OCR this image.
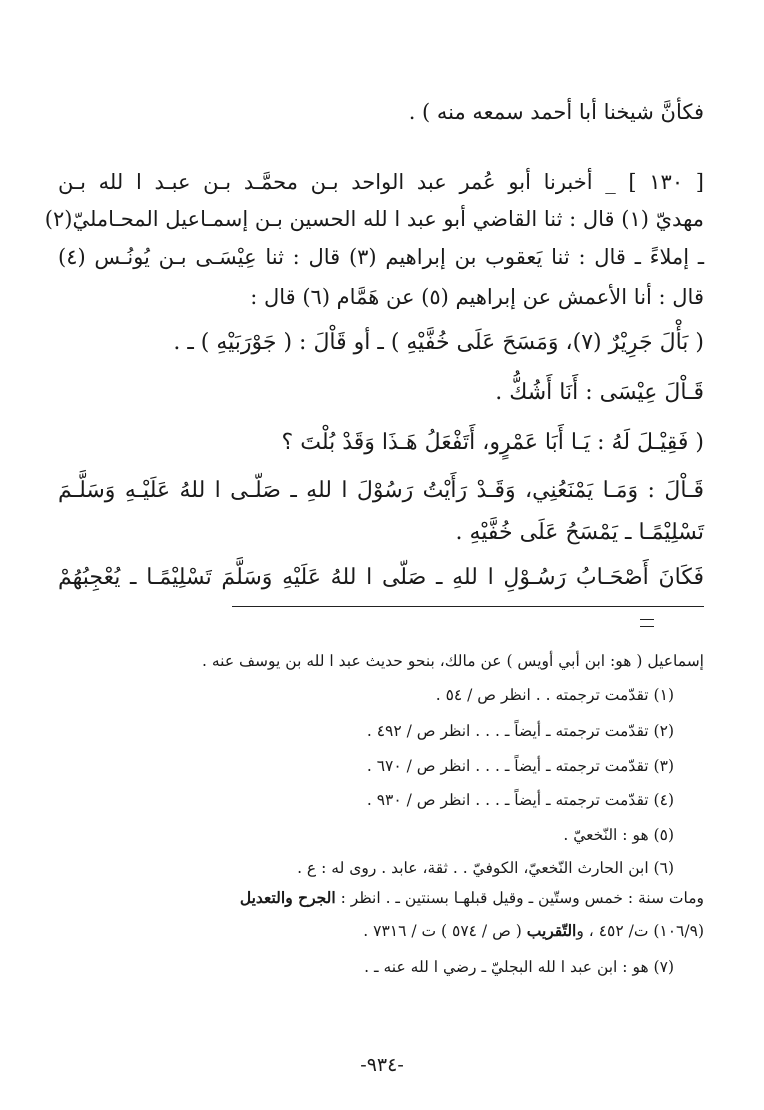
فكأنَّ شيخنا أبا أحمد سمعه منه ) .
[ ١٣٠ ] _ أخبرنا أبو عُمر عبد الواحد بـن محمَّـد بـن عبـد ا لله بـن
مهديّ (١) قال : ثنا القاضي أبو عبد ا لله الحسين بـن إسمـاعيل المحـامليّ(٢)
ـ إملاءً ـ قال : ثنا يَعقوب بن إبراهيم (٣) قال : ثنا عِيْسَـى بـن يُونُـس (٤)
قال : أنا الأعمش عن إبراهيم (٥) عن هَمَّام (٦) قال :
( بَأْلَ جَرِيْرٌ (٧)، وَمَسَحَ عَلَى خُفَّيْهِ ) ـ أو قَاْلَ : ( جَوْرَبَيْهِ ) ـ .
قَـاْلَ عِيْسَى : أَنَا أَشُكُّ .
( فَقِيْـلَ لَهُ : يَـا أَبَا عَمْرٍو، أَتَفْعَلُ هَـذَا وَقَدْ بُلْتَ ؟
قَـاْلَ : وَمَـا يَمْنَعُنِي، وَقَـدْ رَأَيْتُ رَسُوْلَ ا للهِ ـ صَلّـى ا للهُ عَلَيْـهِ وَسَلَّـمَ
تَسْلِيْمًـا ـ يَمْسَحُ عَلَى خُفَّيْهِ .
فَكَانَ أَصْحَـابُ رَسُـوْلِ ا للهِ ـ صَلّى ا للهُ عَلَيْهِ وَسَلَّمَ تَسْلِيْمًـا ـ يُعْجِبُهُمْ
إسماعيل ( هو: ابن أبي أويس ) عن مالك، بنحو حديث عبد ا لله بن يوسف عنه .
(١) تقدّمت ترجمته . . انظر ص / ٥٤ .
(٢) تقدّمت ترجمته ـ أيضاً ـ . . . انظر ص / ٤٩٢ .
(٣) تقدّمت ترجمته ـ أيضاً ـ . . . انظر ص / ٦٧٠ .
(٤) تقدّمت ترجمته ـ أيضاً ـ . . . انظر ص / ٩٣٠ .
(٥) هو : النّخعيّ .
(٦) ابن الحارث النّخعيّ، الكوفيّ . . ثقة، عابد . روى له : ع .
ومات سنة : خمس وستّين ـ وقيل قبلهـا بسنتين ـ . انظر : الجرح والتعديل
(١٠٦/٩) ت/ ٤٥٢ ، والتّقريب ( ص / ٥٧٤ ) ت / ٧٣١٦ .
(٧) هو : ابن عبد ا لله البجليّ ـ رضي ا لله عنه ـ .
-٩٣٤-
